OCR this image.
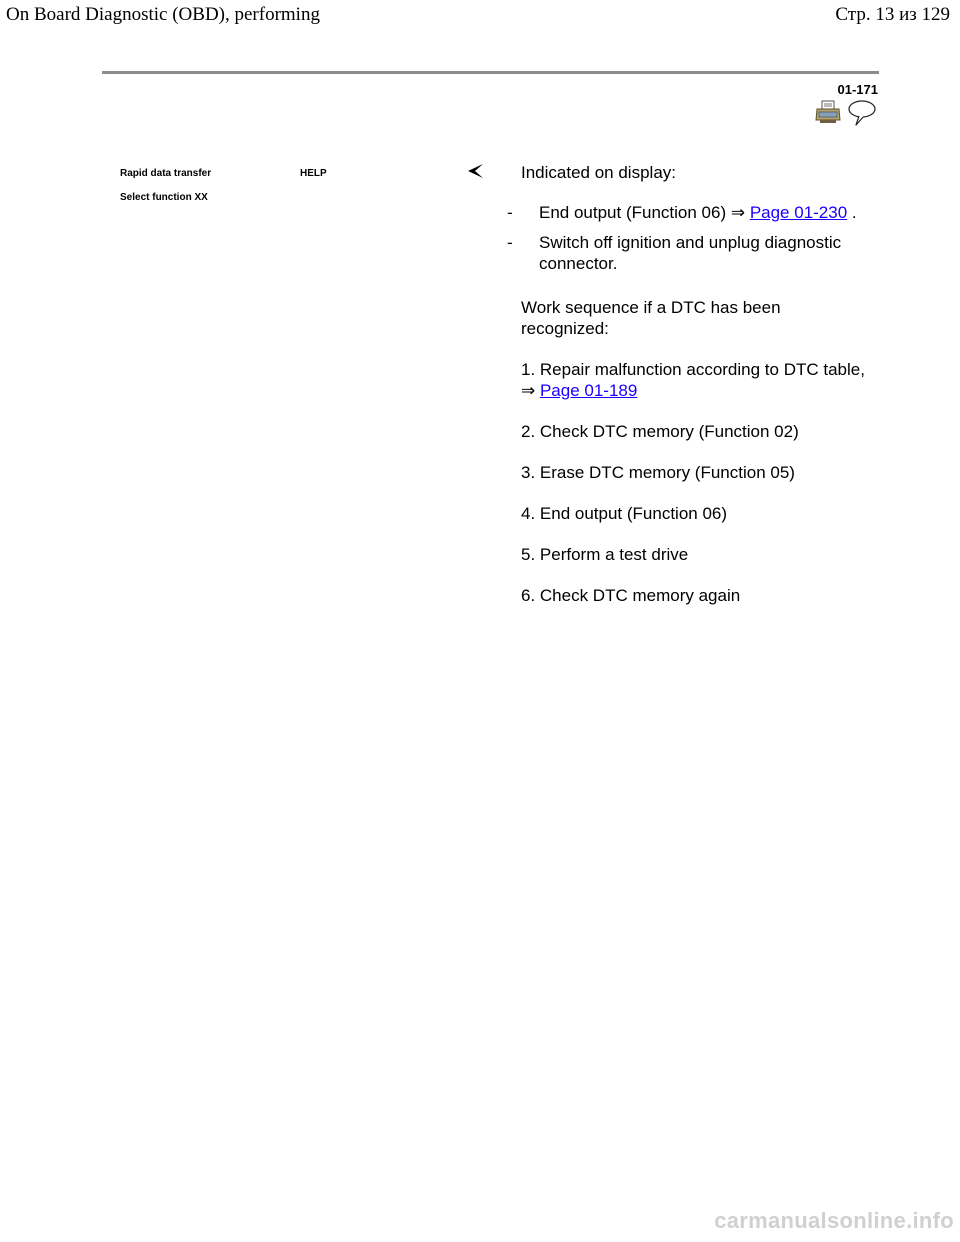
On Board Diagnostic (OBD), performing	Стр. 13 из 129
01-171
Rapid data transfer	HELP
Select function XX

Indicated on display:

- End output (Function 06) ⇒ Page 01-230 .
- Switch off ignition and unplug diagnostic connector.

Work sequence if a DTC has been recognized:

1. Repair malfunction according to DTC table, ⇒ Page 01-189

2. Check DTC memory (Function 02)

3. Erase DTC memory (Function 05)

4. End output (Function 06)

5. Perform a test drive

6. Check DTC memory again

carmanualsonline.info
